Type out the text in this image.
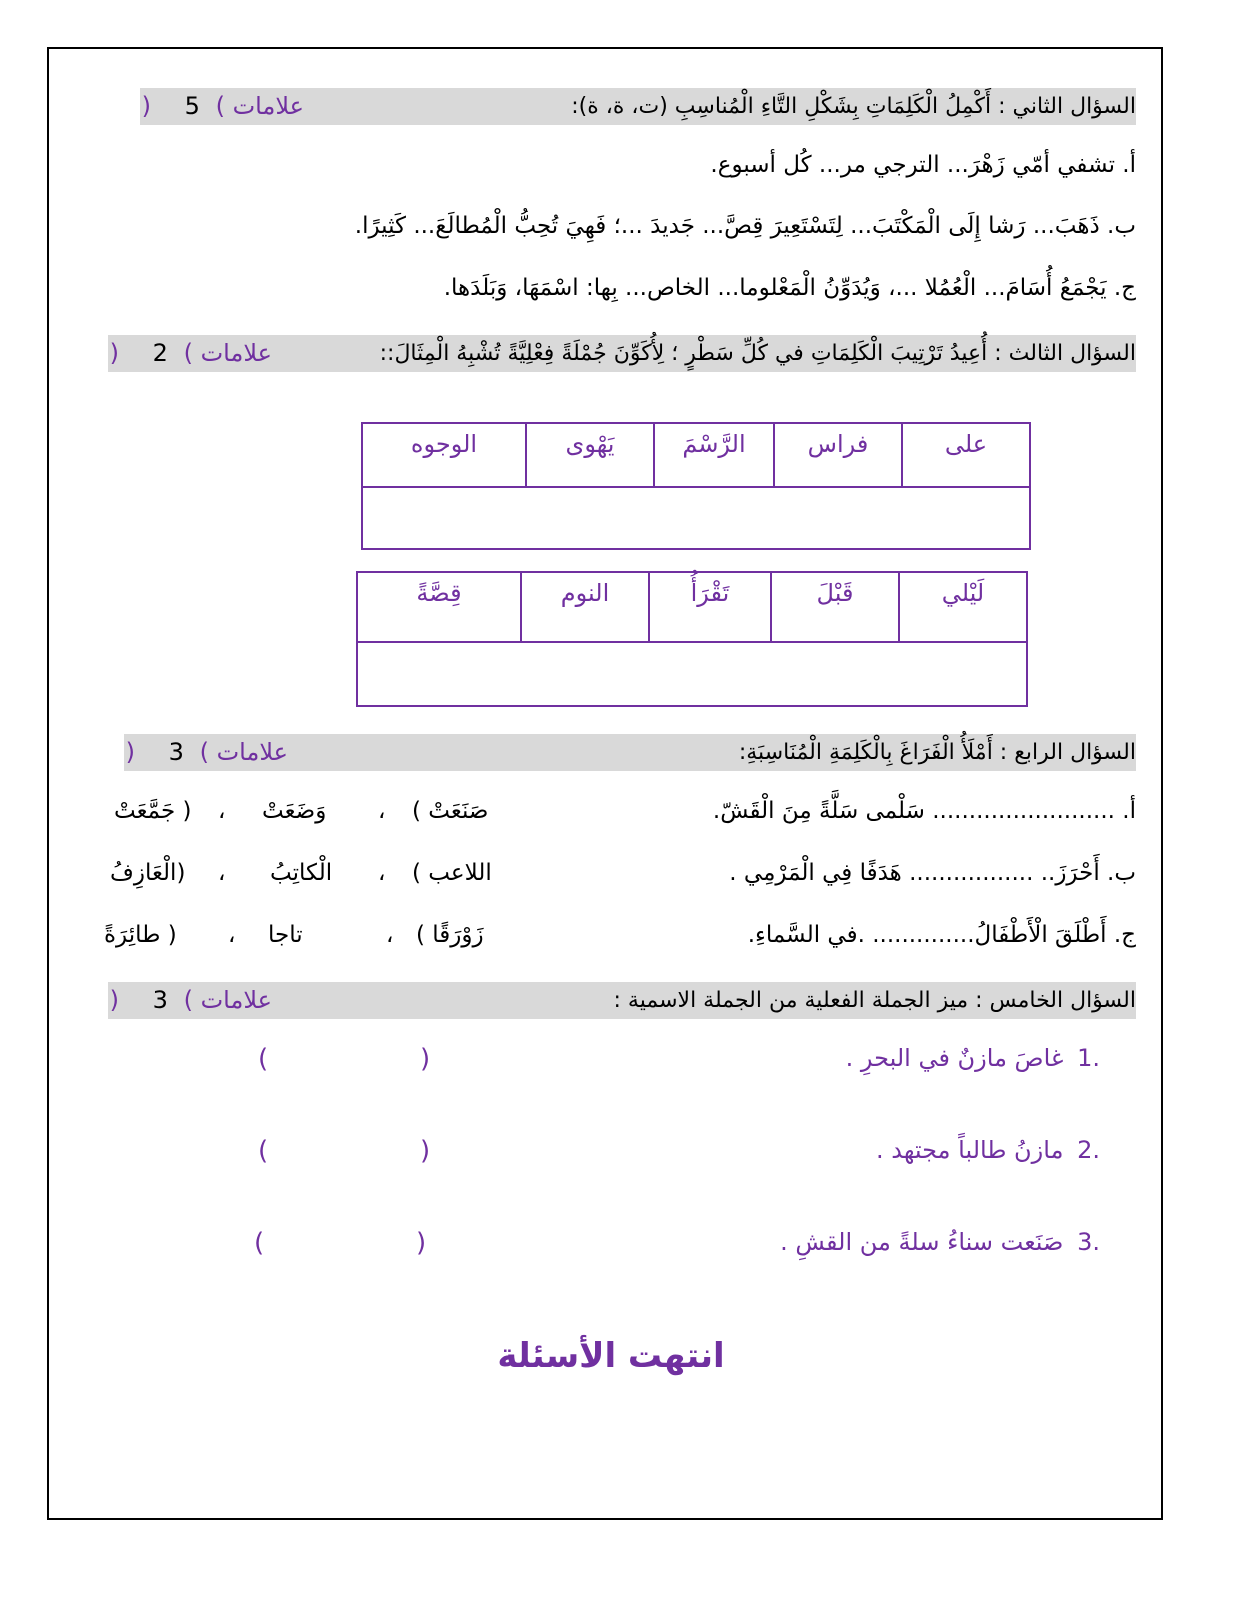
السؤال الثاني : أَكْمِلُ الْكَلِمَاتِ بِشَكْلِ التَّاءِ الْمُناسِبِ (ت، ة، ة):
علامات ) 5 (
أ. تشفي أمّي زَهْرَ... الترجي مر... كُل أسبوع.
ب. ذَهَبَ... رَشا إِلَى الْمَكْتَبَ... لِتَسْتَعِيرَ قِصَّ... جَديدَ ...؛ فَهِيَ تُحِبُّ الْمُطالَعَ... كَثِيرًا.
ج. يَجْمَعُ أُسَامَ... الْعُمُلا ...، وَيُدَوِّنُ الْمَعْلوما... الخاص... بِها: اسْمَهَا، وَبَلَدَها.
السؤال الثالث : أُعِيدُ تَرْتِيبَ الْكَلِمَاتِ في كُلِّ سَطْرٍ ؛ لِأُكَوِّنَ جُمْلَةً فِعْلِيَّةً تُشْبِهُ الْمِثَالَ::
علامات ) 2 (
على	فراس	الرَّسْمَ	يَهْوى	الوجوه

لَيْلي	قَبْلَ	تَقْرَأُ	النوم	قِصَّةً

السؤال الرابع : أَمْلَأُ الْفَرَاغَ بِالْكَلِمَةِ الْمُنَاسِبَةِ:
علامات ) 3 (
أ. ......................... سَلْمى سَلَّةً مِنَ الْقَشّ.
( صَنَعَتْ
،
وَضَعَتْ
،
جَمَّعَتْ )
ب. أَحْرَزَ.. ................. هَدَفًا فِي الْمَرْمِي .
( اللاعب
،
الْكاتِبُ
،
الْعَازِفُ)
ج. أَطْلَقَ الْأَطْفَالُ.............. .في السَّماءِ.
( زَوْرَقًا
،
تاجا
،
طائِرَةً )
السؤال الخامس : ميز الجملة الفعلية من الجملة الاسمية :
علامات ) 3 (
.1 غاصَ مازنٌ في البحرِ .
)
(
.2 مازنُ طالباً مجتهد .
)
(
.3 صَنَعت سناءُ سلةً من القشِ .
)
(
انتهت الأسئلة
